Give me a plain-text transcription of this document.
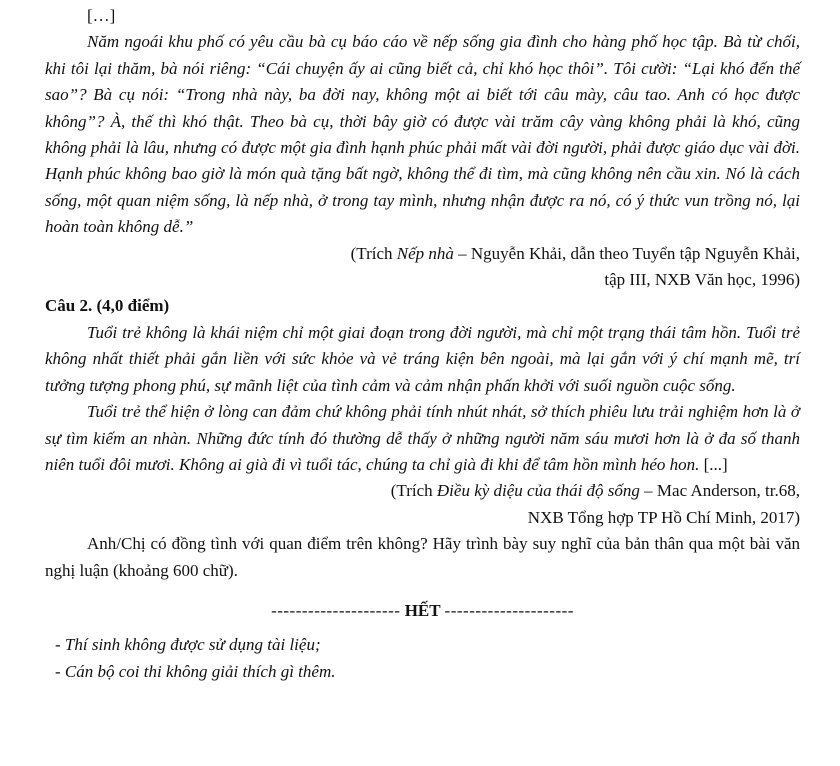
[…]

Năm ngoái khu phố có yêu cầu bà cụ báo cáo về nếp sống gia đình cho hàng phố học tập. Bà từ chối, khi tôi lại thăm, bà nói riêng: “Cái chuyện ấy ai cũng biết cả, chỉ khó học thôi”. Tôi cười: “Lại khó đến thế sao”? Bà cụ nói: “Trong nhà này, ba đời nay, không một ai biết tới câu mày, câu tao. Anh có học được không”? À, thế thì khó thật. Theo bà cụ, thời bây giờ có được vài trăm cây vàng không phải là khó, cũng không phải là lâu, nhưng có được một gia đình hạnh phúc phải mất vài đời người, phải được giáo dục vài đời. Hạnh phúc không bao giờ là món quà tặng bất ngờ, không thể đi tìm, mà cũng không nên cầu xin. Nó là cách sống, một quan niệm sống, là nếp nhà, ở trong tay mình, nhưng nhận được ra nó, có ý thức vun trồng nó, lại hoàn toàn không dễ.”

(Trích Nếp nhà – Nguyễn Khải, dẫn theo Tuyển tập Nguyễn Khải,
tập III, NXB Văn học, 1996)

Câu 2. (4,0 điểm)

Tuổi trẻ không là khái niệm chỉ một giai đoạn trong đời người, mà chỉ một trạng thái tâm hồn. Tuổi trẻ không nhất thiết phải gắn liền với sức khỏe và vẻ tráng kiện bên ngoài, mà lại gắn với ý chí mạnh mẽ, trí tưởng tượng phong phú, sự mãnh liệt của tình cảm và cảm nhận phấn khởi với suối nguồn cuộc sống.

Tuổi trẻ thể hiện ở lòng can đảm chứ không phải tính nhút nhát, sở thích phiêu lưu trải nghiệm hơn là ở sự tìm kiếm an nhàn. Những đức tính đó thường dễ thấy ở những người năm sáu mươi hơn là ở đa số thanh niên tuổi đôi mươi. Không ai già đi vì tuổi tác, chúng ta chỉ già đi khi để tâm hồn mình héo hon. [...]

(Trích Điều kỳ diệu của thái độ sống – Mac Anderson, tr.68,
NXB Tổng hợp TP Hồ Chí Minh, 2017)

Anh/Chị có đồng tình với quan điểm trên không? Hãy trình bày suy nghĩ của bản thân qua một bài văn nghị luận (khoảng 600 chữ).

--------------------- HẾT ---------------------

- Thí sinh không được sử dụng tài liệu;

- Cán bộ coi thi không giải thích gì thêm.
